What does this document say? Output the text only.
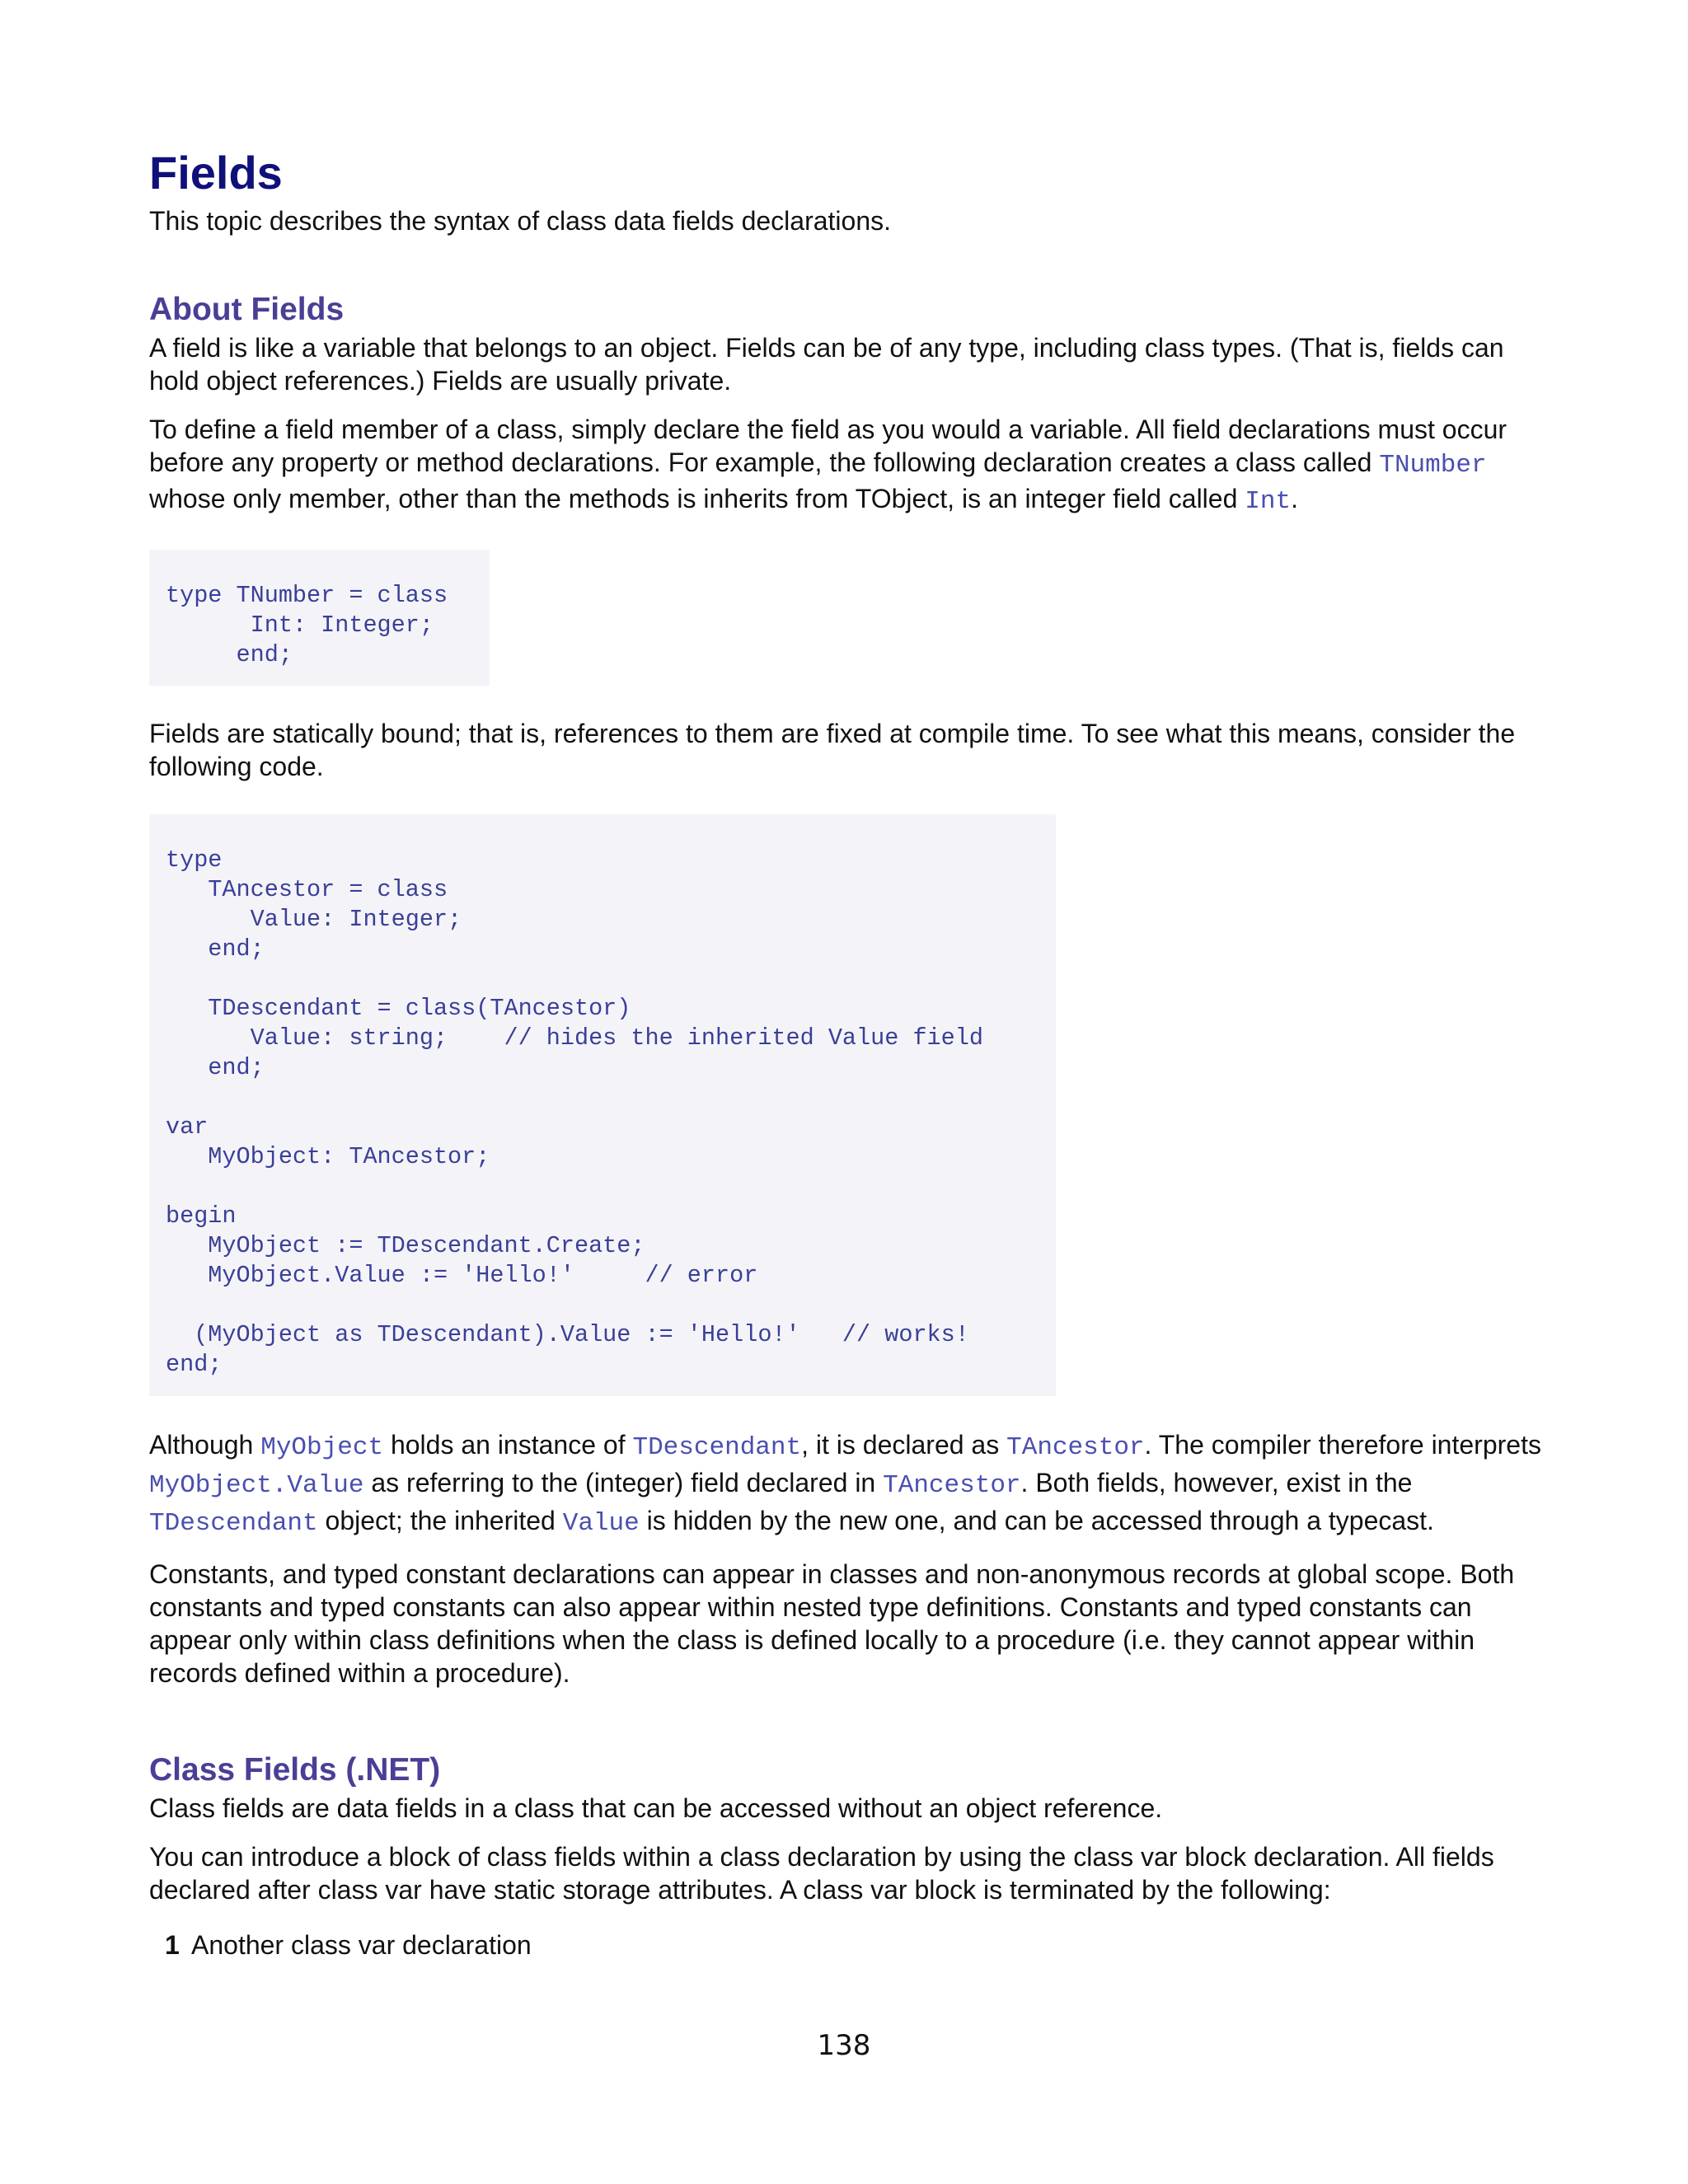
Fields

This topic describes the syntax of class data fields declarations.

About Fields

A field is like a variable that belongs to an object. Fields can be of any type, including class types. (That is, fields can hold object references.) Fields are usually private.

To define a field member of a class, simply declare the field as you would a variable. All field declarations must occur before any property or method declarations. For example, the following declaration creates a class called TNumber whose only member, other than the methods is inherits from TObject, is an integer field called Int.

type TNumber = class
Int: Integer;
end;

Fields are statically bound; that is, references to them are fixed at compile time. To see what this means, consider the following code.

type
TAncestor = class
Value: Integer;
end;

TDescendant = class(TAncestor)
Value: string;    // hides the inherited Value field
end;

var
MyObject: TAncestor;

begin
MyObject := TDescendant.Create;
MyObject.Value := 'Hello!'     // error

(MyObject as TDescendant).Value := 'Hello!'   // works!
end;

Although MyObject holds an instance of TDescendant, it is declared as TAncestor. The compiler therefore interprets MyObject.Value as referring to the (integer) field declared in TAncestor. Both fields, however, exist in the TDescendant object; the inherited Value is hidden by the new one, and can be accessed through a typecast.

Constants, and typed constant declarations can appear in classes and non-anonymous records at global scope. Both constants and typed constants can also appear within nested type definitions. Constants and typed constants can appear only within class definitions when the class is defined locally to a procedure (i.e. they cannot appear within records defined within a procedure).

Class Fields (.NET)

Class fields are data fields in a class that can be accessed without an object reference.

You can introduce a block of class fields within a class declaration by using the class var block declaration. All fields declared after class var have static storage attributes. A class var block is terminated by the following:

1 Another class var declaration

138
